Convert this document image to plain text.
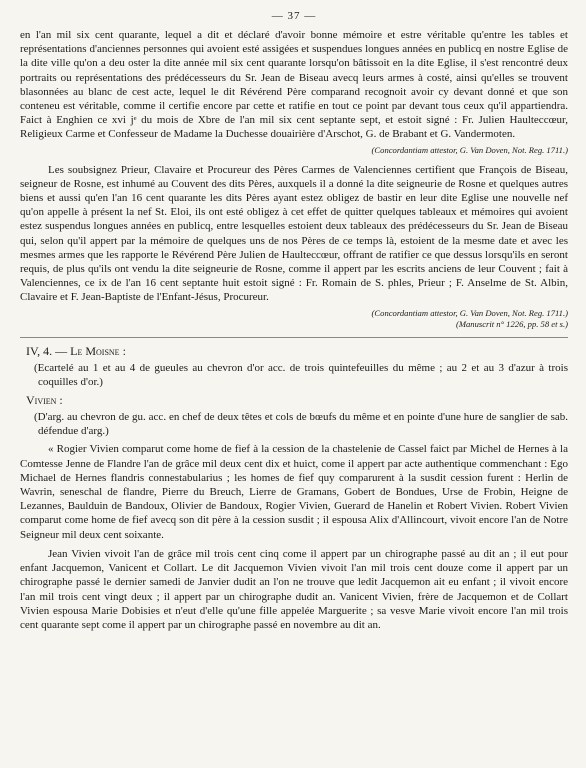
— 37 —

en l'an mil six cent quarante, lequel a dit et déclaré d'avoir bonne mémoire et estre véritable qu'entre les tables et représentations d'anciennes personnes qui avoient esté assigées et suspendues longues années en publicq en nostre Eglise de la dite ville qu'on a deu oster la dite année mil six cent quarante lorsqu'on bâtissoit en la dite Eglise, il s'est rencontré deux portraits ou représentations des prédécesseurs du Sr. Jean de Biseau avecq leurs armes à costé, ainsi qu'elles se trouvent blasonnées au blanc de cest acte, lequel le dit Révérend Père comparand recognoit avoir cy devant donné et que son conteneu est véritable, comme il certifie encore par cette et ratifie en tout ce point par devant tous ceux qu'il appartiendra. Faict à Enghien ce xvi jᵉ du mois de Xbre de l'an mil six cent septante sept, et estoit signé : Fr. Julien Haulteccœur, Religieux Carme et Confesseur de Madame la Duchesse douairière d'Arschot, G. de Brabant et G. Vandermoten.

(Concordantiam attestor, G. Van Doven, Not. Reg. 1711.)

Les soubsignez Prieur, Clavaire et Procureur des Pères Carmes de Valenciennes certifient que François de Biseau, seigneur de Rosne, est inhumé au Couvent des dits Pères, auxquels il a donné la dite seigneurie de Rosne et quelques autres biens et aussi qu'en l'an 16 cent quarante les dits Pères ayant estez obligez de bastir en leur dite Eglise une nouvelle nef qu'on appelle à présent la nef St. Eloi, ils ont esté obligez à cet effet de quitter quelques tableaux et mémoires qui avoient estez suspendus longues années en publicq, entre lesquelles estoient deux tableaux des prédécesseurs du Sr. Jean de Biseau qui, selon qu'il appert par la mémoire de quelques uns de nos Pères de ce temps là, estoient de la mesme date et avec les mesmes armes que les rapporte le Révérend Père Julien de Haulteccœur, offrant de ratifier ce que dessus lorsqu'ils en seront requis, de plus qu'ils ont vendu la dite seigneurie de Rosne, comme il appert par les escrits anciens de leur Couvent ; fait à Valenciennes, ce ix de l'an 16 cent septante huit estoit signé : Fr. Romain de S. phles, Prieur ; F. Anselme de St. Albin, Clavaire et F. Jean-Baptiste de l'Enfant-Jésus, Procureur.

(Concordantiam attestor, G. Van Doven, Not. Reg. 1711.)

(Manuscrit n° 1226, pp. 58 et s.)

IV, 4. — Le Moisne :

(Ecartelé au 1 et au 4 de gueules au chevron d'or acc. de trois quintefeuilles du même ; au 2 et au 3 d'azur à trois coquilles d'or.)

Vivien :

(D'arg. au chevron de gu. acc. en chef de deux têtes et cols de bœufs du même et en pointe d'une hure de sanglier de sab. défendue d'arg.)

« Rogier Vivien comparut come home de fief à la cession de la chastelenie de Cassel faict par Michel de Hernes à la Comtesse Jenne de Flandre l'an de grâce mil deux cent dix et huict, come il appert par acte authentique commenchant : Ego Michael de Hernes flandris connestabularius ; les homes de fief quy comparurent à la susdit cession furent : Herlin de Wavrin, seneschal de flandre, Pierre du Breuch, Lierre de Gramans, Gobert de Bondues, Urse de Frobin, Heigne de Lezannes, Baulduin de Bandoux, Olivier de Bandoux, Rogier Vivien, Guerard de Hanelin et Robert Vivien. Robert Vivien comparut come home de fief avecq son dit père à la cession susdit ; il espousa Alix d'Allincourt, vivoit encore l'an de Notre Seigneur mil deux cent soixante.

Jean Vivien vivoit l'an de grâce mil trois cent cinq come il appert par un chirographe passé au dit an ; il eut pour enfant Jacquemon, Vanicent et Collart. Le dit Jacquemon Vivien vivoit l'an mil trois cent douze come il appert par un chirographe passé le dernier samedi de Janvier dudit an l'on ne trouve que ledit Jacquemon ait eu enfant ; il vivoit encore l'an mil trois cent vingt deux ; il appert par un chirographe dudit an. Vanicent Vivien, frère de Jacquemon et de Collart Vivien espousa Marie Dobisies et n'eut d'elle qu'une fille appelée Marguerite ; sa vesve Marie vivoit encore l'an mil trois cent quarante sept come il appert par un chirographe passé en novembre au dit an.
